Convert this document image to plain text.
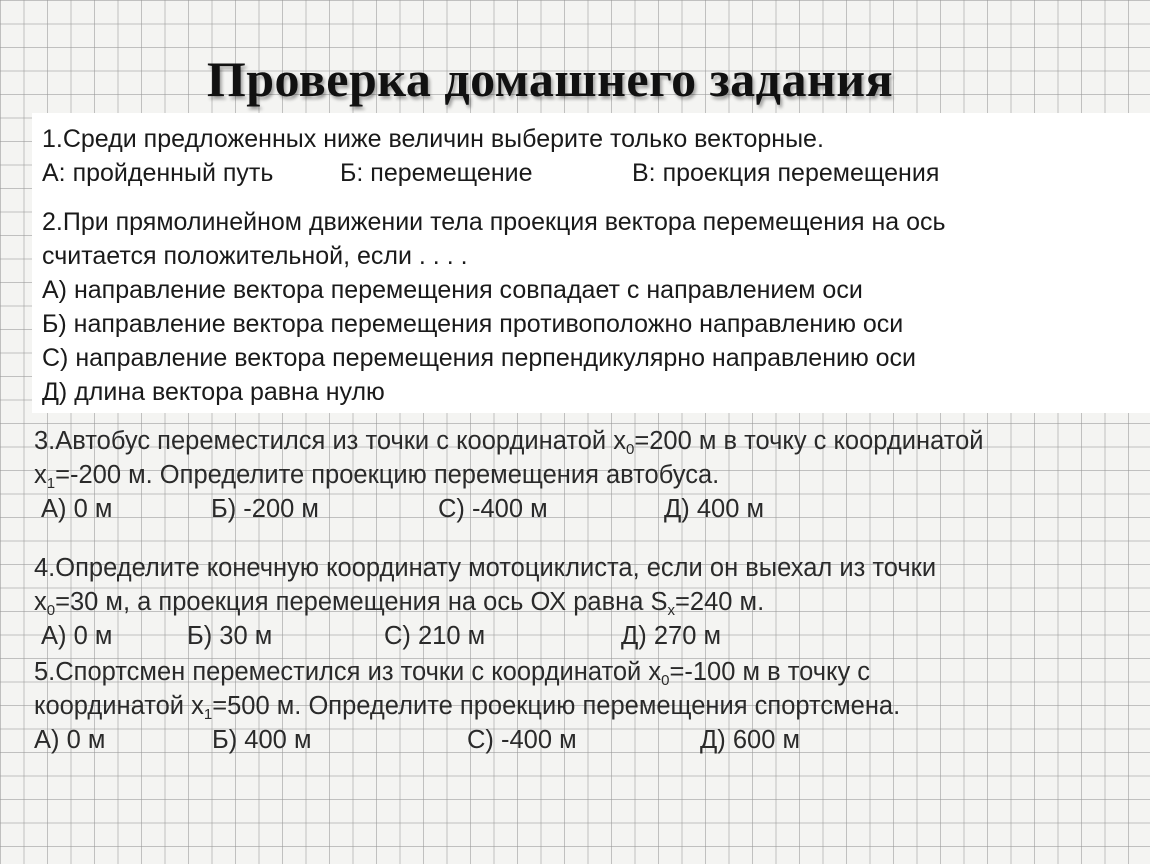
Проверка домашнего задания
1.Среди предложенных ниже величин выберите только векторные.
А: пройденный путь	Б: перемещение	В: проекция перемещения
2.При прямолинейном движении тела проекция вектора перемещения на ось
считается положительной, если . . . .
А) направление вектора перемещения совпадает с направлением оси
Б) направление вектора перемещения противоположно направлению оси
С) направление вектора перемещения перпендикулярно направлению оси
Д) длина вектора равна нулю
3.Автобус переместился из точки с координатой $х_0=200$ м в точку с координатой
$х_1=-200$ м. Определите проекцию перемещения автобуса.
А) 0 м	Б) -200 м	С) -400 м	Д) 400 м
4.Определите конечную координату мотоциклиста, если он выехал из точки
$х_0=30$ м, а проекция перемещения на ось ОХ равна $S_x=240$ м.
А) 0 м	Б) 30 м	С) 210 м	Д) 270 м
5.Спортсмен переместился из точки с координатой $х_0=-100$ м в точку с
координатой $х_1=500$ м. Определите проекцию перемещения спортсмена.
А) 0 м	Б) 400 м	С) -400 м	Д) 600 м
